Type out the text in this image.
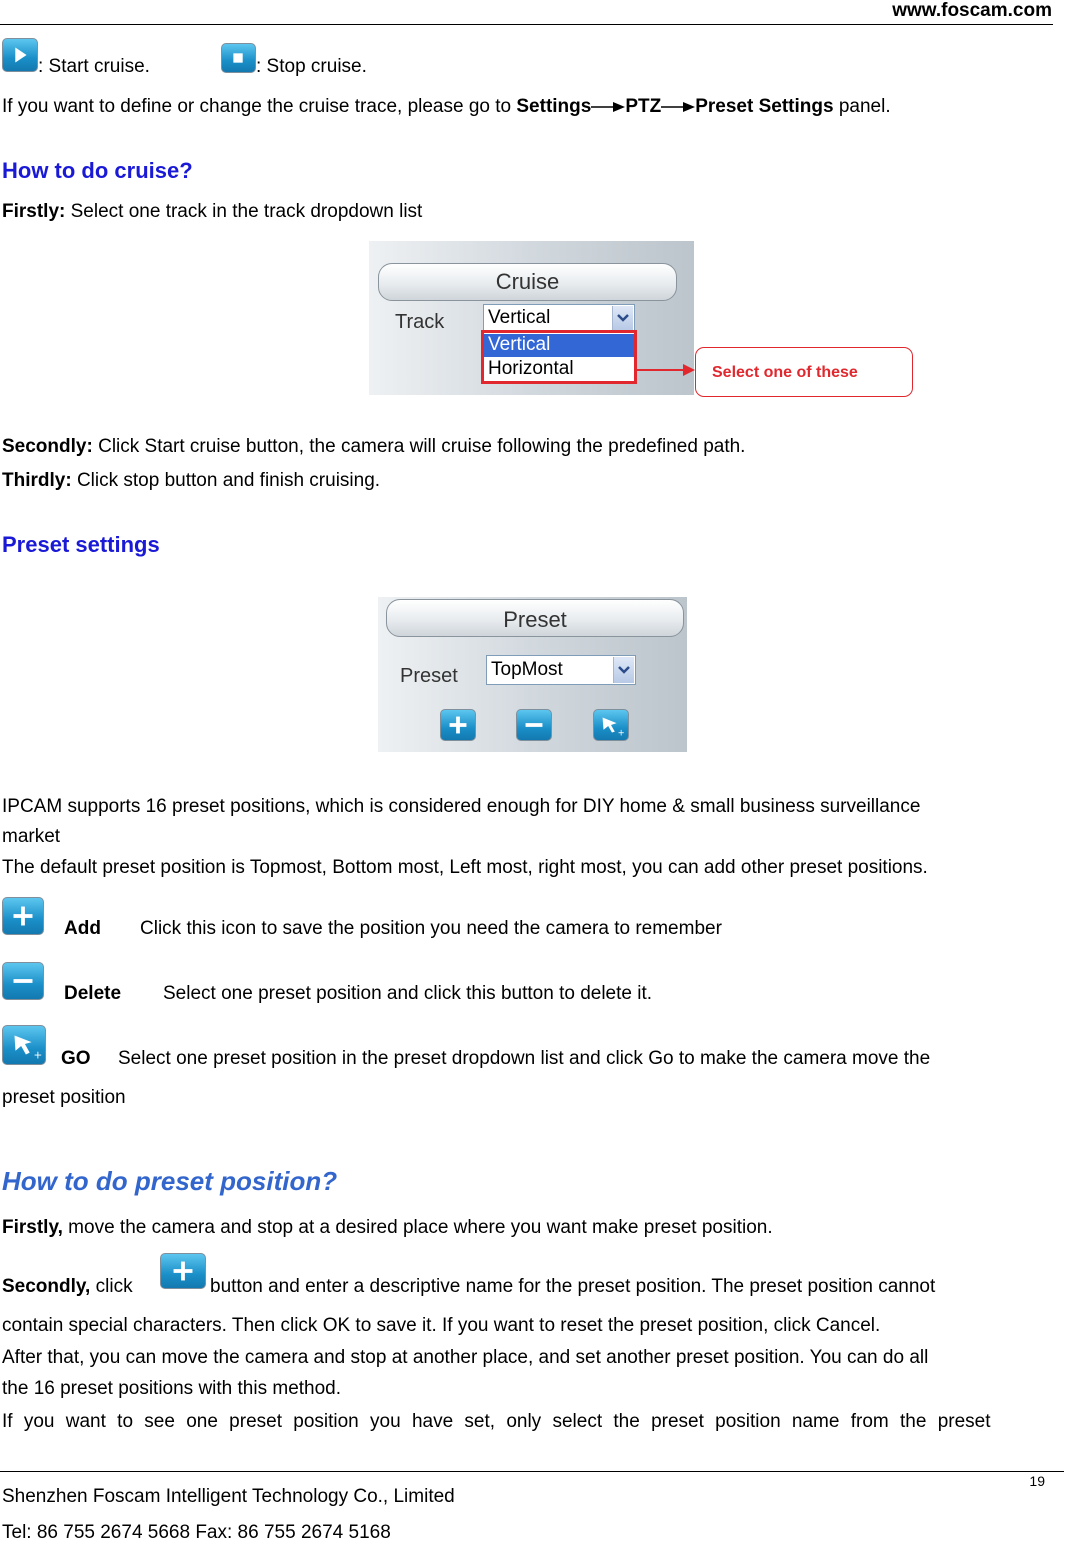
www.foscam.com
: Start cruise.	: Stop cruise.
If you want to define or change the cruise trace, please go to Settings PTZ Preset Settings panel.
How to do cruise?
Firstly: Select one track in the track dropdown list
Cruise
Track Vertical
Vertical
Horizontal	Select one of these
Secondly: Click Start cruise button, the camera will cruise following the predefined path.
Thirdly: Click stop button and finish cruising.
Preset settings
Preset
Preset TopMost
+
IPCAM supports 16 preset positions, which is considered enough for DIY home & small business surveillance
market
The default preset position is Topmost, Bottom most, Left most, right most, you can add other preset positions.
Add Click this icon to save the position you need the camera to remember
Delete Select one preset position and click this button to delete it.
+ GO Select one preset position in the preset dropdown list and click Go to make the camera move the
preset position
How to do preset position?
Firstly, move the camera and stop at a desired place where you want make preset position.
Secondly, click	button and enter a descriptive name for the preset position. The preset position cannot
contain special characters. Then click OK to save it. If you want to reset the preset position, click Cancel.
After that, you can move the camera and stop at another place, and set another preset position. You can do all
the 16 preset positions with this method.
If you want to see one preset position you have set, only select the preset position name from the preset
19
Shenzhen Foscam Intelligent Technology Co., Limited
Tel: 86 755 2674 5668 Fax: 86 755 2674 5168
